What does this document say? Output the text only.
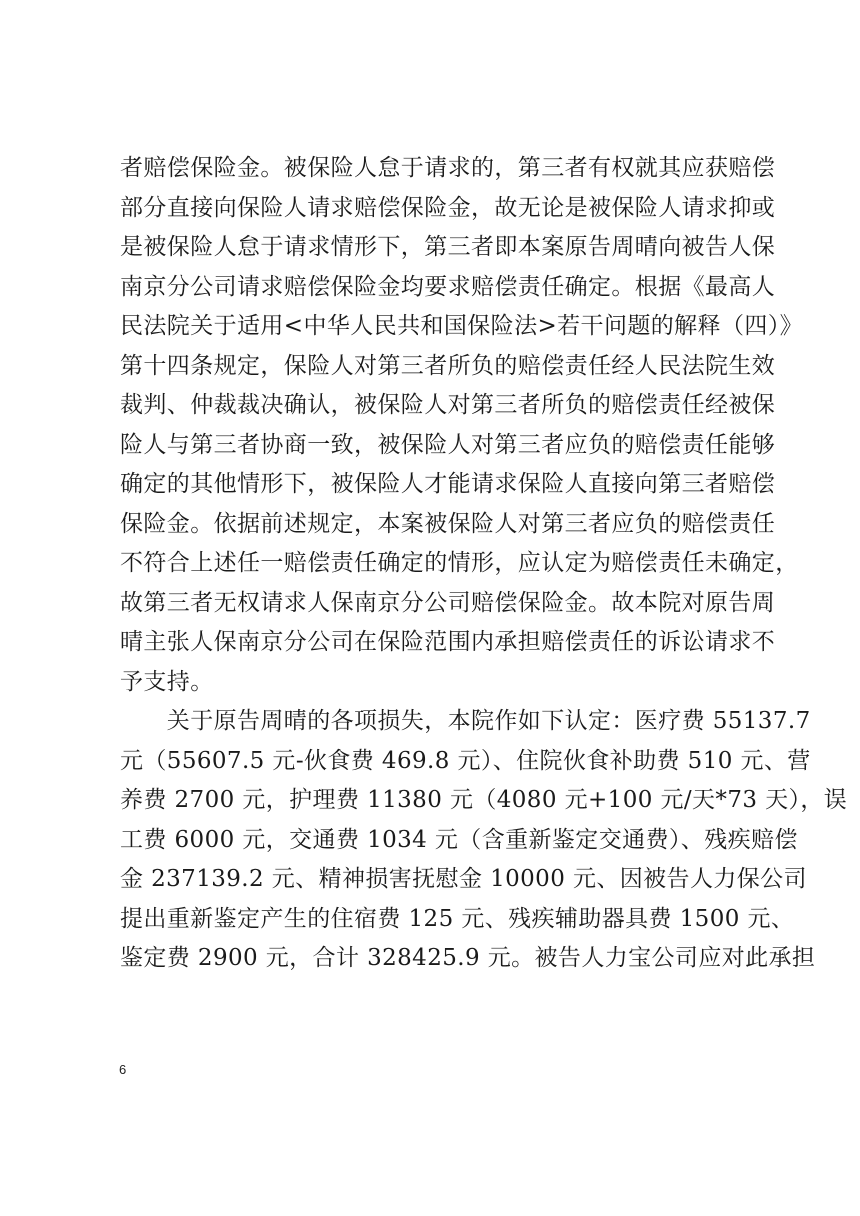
者赔偿保险金。被保险人怠于请求的，第三者有权就其应获赔偿
部分直接向保险人请求赔偿保险金，故无论是被保险人请求抑或
是被保险人怠于请求情形下，第三者即本案原告周晴向被告人保
南京分公司请求赔偿保险金均要求赔偿责任确定。根据《最高人
民法院关于适用<中华人民共和国保险法>若干问题的解释（四）》
第十四条规定，保险人对第三者所负的赔偿责任经人民法院生效
裁判、仲裁裁决确认，被保险人对第三者所负的赔偿责任经被保
险人与第三者协商一致，被保险人对第三者应负的赔偿责任能够
确定的其他情形下，被保险人才能请求保险人直接向第三者赔偿
保险金。依据前述规定，本案被保险人对第三者应负的赔偿责任
不符合上述任一赔偿责任确定的情形，应认定为赔偿责任未确定，
故第三者无权请求人保南京分公司赔偿保险金。故本院对原告周
晴主张人保南京分公司在保险范围内承担赔偿责任的诉讼请求不
予支持。
　　关于原告周晴的各项损失，本院作如下认定：医疗费 55137.7
元（55607.5 元-伙食费 469.8 元）、住院伙食补助费 510 元、营
养费 2700 元，护理费 11380 元（4080 元+100 元/天*73 天），误
工费 6000 元，交通费 1034 元（含重新鉴定交通费）、残疾赔偿
金 237139.2 元、精神损害抚慰金 10000 元、因被告人力保公司
提出重新鉴定产生的住宿费 125 元、残疾辅助器具费 1500 元、
鉴定费 2900 元，合计 328425.9 元。被告人力宝公司应对此承担
6
